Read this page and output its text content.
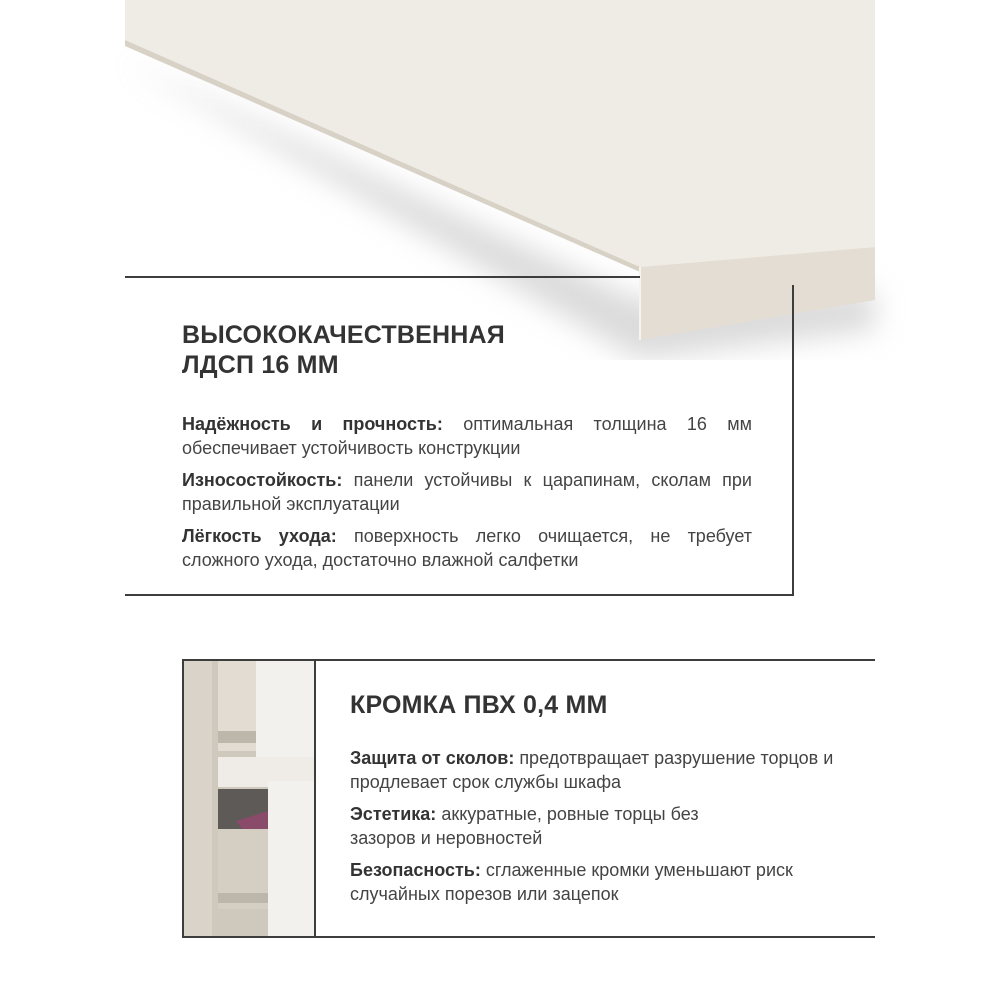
ВЫСОКОКАЧЕСТВЕННАЯ
ЛДСП 16 ММ

Надёжность и прочность: оптимальная толщина 16 мм обеспечивает устойчивость конструкции

Износостойкость: панели устойчивы к царапинам, сколам при правильной эксплуатации

Лёгкость ухода: поверхность легко очищается, не требует сложного ухода, достаточно влажной салфетки

КРОМКА ПВХ 0,4 ММ

Защита от сколов: предотвращает разрушение торцов и продлевает срок службы шкафа

Эстетика: аккуратные, ровные торцы без зазоров и неровностей

Безопасность: сглаженные кромки уменьшают риск случайных порезов или зацепок
